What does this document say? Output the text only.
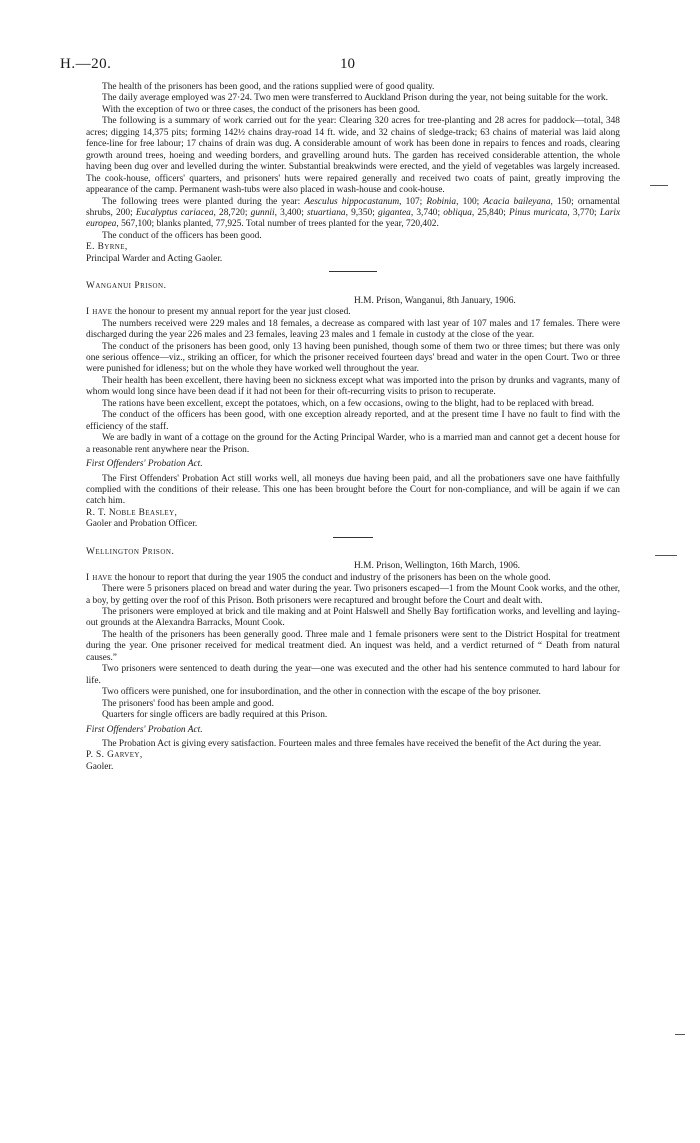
H.—20.	10

The health of the prisoners has been good, and the rations supplied were of good quality.

The daily average employed was 27·24. Two men were transferred to Auckland Prison during the year, not being suitable for the work.

With the exception of two or three cases, the conduct of the prisoners has been good.

The following is a summary of work carried out for the year: Clearing 320 acres for tree-planting and 28 acres for paddock—total, 348 acres; digging 14,375 pits; forming 142½ chains dray-road 14 ft. wide, and 32 chains of sledge-track; 63 chains of material was laid along fence-line for free labour; 17 chains of drain was dug. A considerable amount of work has been done in repairs to fences and roads, clearing growth around trees, hoeing and weeding borders, and gravelling around huts. The garden has received considerable attention, the whole having been dug over and levelled during the winter. Substantial breakwinds were erected, and the yield of vegetables was largely increased. The cook-house, officers' quarters, and prisoners' huts were repaired generally and received two coats of paint, greatly improving the appearance of the camp. Permanent wash-tubs were also placed in wash-house and cook-house.

The following trees were planted during the year: Aesculus hippocastanum, 107; Robinia, 100; Acacia baileyana, 150; ornamental shrubs, 200; Eucalyptus cariacea, 28,720; gunnii, 3,400; stuartiana, 9,350; gigantea, 3,740; obliqua, 25,840; Pinus muricata, 3,770; Larix europea, 567,100; blanks planted, 77,925. Total number of trees planted for the year, 720,402.

The conduct of the officers has been good.

E. Byrne,
Principal Warder and Acting Gaoler.

Wanganui Prison.

H.M. Prison, Wanganui, 8th January, 1906.

I have the honour to present my annual report for the year just closed.

The numbers received were 229 males and 18 females, a decrease as compared with last year of 107 males and 17 females. There were discharged during the year 226 males and 23 females, leaving 23 males and 1 female in custody at the close of the year.

The conduct of the prisoners has been good, only 13 having been punished, though some of them two or three times; but there was only one serious offence—viz., striking an officer, for which the prisoner received fourteen days' bread and water in the open Court. Two or three were punished for idleness; but on the whole they have worked well throughout the year.

Their health has been excellent, there having been no sickness except what was imported into the prison by drunks and vagrants, many of whom would long since have been dead if it had not been for their oft-recurring visits to prison to recuperate.

The rations have been excellent, except the potatoes, which, on a few occasions, owing to the blight, had to be replaced with bread.

The conduct of the officers has been good, with one exception already reported, and at the present time I have no fault to find with the efficiency of the staff.

We are badly in want of a cottage on the ground for the Acting Principal Warder, who is a married man and cannot get a decent house for a reasonable rent anywhere near the Prison.

First Offenders' Probation Act.

The First Offenders' Probation Act still works well, all moneys due having been paid, and all the probationers save one have faithfully complied with the conditions of their release. This one has been brought before the Court for non-compliance, and will be again if we can catch him.

R. T. Noble Beasley,
Gaoler and Probation Officer.

Wellington Prison.

H.M. Prison, Wellington, 16th March, 1906.

I have the honour to report that during the year 1905 the conduct and industry of the prisoners has been on the whole good.

There were 5 prisoners placed on bread and water during the year. Two prisoners escaped—1 from the Mount Cook works, and the other, a boy, by getting over the roof of this Prison. Both prisoners were recaptured and brought before the Court and dealt with.

The prisoners were employed at brick and tile making and at Point Halswell and Shelly Bay fortification works, and levelling and laying-out grounds at the Alexandra Barracks, Mount Cook.

The health of the prisoners has been generally good. Three male and 1 female prisoners were sent to the District Hospital for treatment during the year. One prisoner received for medical treatment died. An inquest was held, and a verdict returned of “ Death from natural causes.”

Two prisoners were sentenced to death during the year—one was executed and the other had his sentence commuted to hard labour for life.

Two officers were punished, one for insubordination, and the other in connection with the escape of the boy prisoner.

The prisoners' food has been ample and good.

Quarters for single officers are badly required at this Prison.

First Offenders' Probation Act.

The Probation Act is giving every satisfaction. Fourteen males and three females have received the benefit of the Act during the year.

P. S. Garvey,
Gaoler.
